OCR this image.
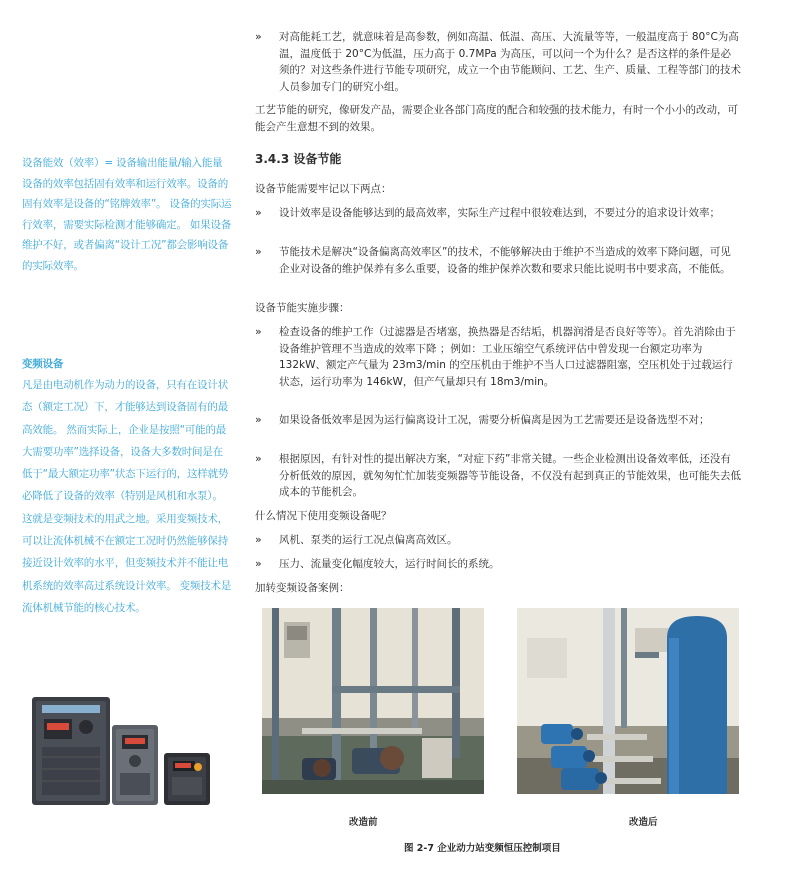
设备能效（效率）= 设备输出能量/输入能量
设备的效率包括固有效率和运行效率。设备的固有效率是设备的“铭牌效率”。 设备的实际运行效率，需要实际检测才能够确定。 如果设备维护不好，或者偏离“设计工况”都会影响设备的实际效率。

变频设备

凡是由电动机作为动力的设备，只有在设计状态（额定工况）下，才能够达到设备固有的最高效能。 然而实际上，企业是按照“可能的最大需要功率”选择设备，设备大多数时间是在低于“最大额定功率”状态下运行的，这样就势必降低了设备的效率（特别是风机和水泵）。这就是变频技术的用武之地。采用变频技术，可以让流体机械不在额定工况时仍然能够保持接近设计效率的水平，但变频技术并不能让电机系统的效率高过系统设计效率。 变频技术是流体机械节能的核心技术。

» 对高能耗工艺，就意味着是高参数，例如高温、低温、高压、大流量等等，一般温度高于 80°C为高温，温度低于 20°C为低温，压力高于 0.7MPa 为高压，可以问一个为什么？是否这样的条件是必须的？对这些条件进行节能专项研究，成立一个由节能顾问、工艺、生产、质量、工程等部门的技术人员参加专门的研究小组。

工艺节能的研究，像研发产品，需要企业各部门高度的配合和较强的技术能力，有时一个小小的改动，可能会产生意想不到的效果。

3.4.3 设备节能
设备节能需要牢记以下两点：
» 设计效率是设备能够达到的最高效率，实际生产过程中很较难达到，不要过分的追求设计效率；
» 节能技术是解决“设备偏离高效率区”的技术，不能够解决由于维护不当造成的效率下降问题，可见企业对设备的维护保养有多么重要，设备的维护保养次数和要求只能比说明书中要求高，不能低。
设备节能实施步骤：
» 检查设备的维护工作（过滤器是否堵塞，换热器是否结垢，机器润滑是否良好等等）。首先消除由于设备维护管理不当造成的效率下降 ；例如：工业压缩空气系统评估中曾发现一台额定功率为 132kW、额定产气量为 23m3/min 的空压机由于维护不当人口过滤器阻塞，空压机处于过载运行状态，运行功率为 146kW，但产气量却只有 18m3/min。
» 如果设备低效率是因为运行偏离设计工况，需要分析偏离是因为工艺需要还是设备选型不对；
» 根据原因，有针对性的提出解决方案，“对症下药”非常关键。一些企业检测出设备效率低，还没有分析低效的原因，就匆匆忙忙加装变频器等节能设备，不仅没有起到真正的节能效果，也可能失去低成本的节能机会。
什么情况下使用变频设备呢？
» 风机、泵类的运行工况点偏离高效区。
» 压力、流量变化幅度较大，运行时间长的系统。
加转变频设备案例：
改造前	改造后
图 2-7 企业动力站变频恒压控制项目
